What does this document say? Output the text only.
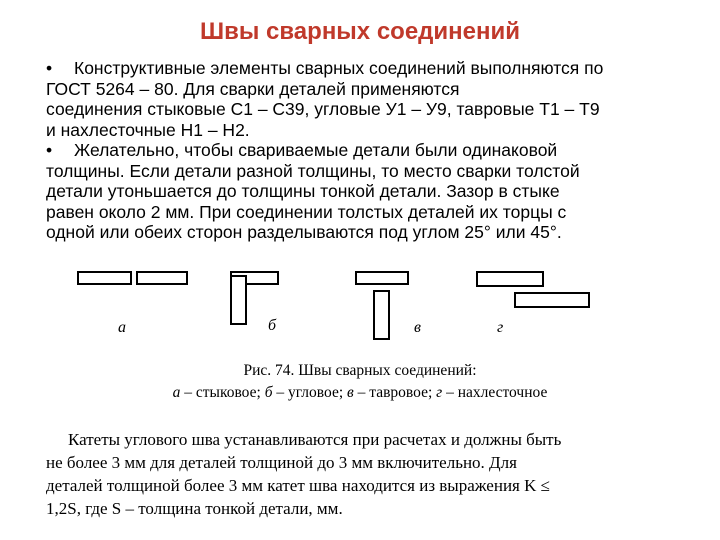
Швы сварных соединений

• Конструктивные элементы сварных соединений выполняются по
ГОСТ 5264 – 80. Для сварки деталей применяются
соединения стыковые С1 – С39, угловые У1 – У9, тавровые Т1 – Т9
и нахлесточные Н1 – Н2.

• Желательно, чтобы свариваемые детали были одинаковой
толщины. Если детали разной толщины, то место сварки толстой
детали утоньшается до толщины тонкой детали. Зазор в стыке
равен около 2 мм. При соединении толстых деталей их торцы с
одной или обеих сторон разделываются под углом 25° или 45°.

а	б	в	г
Рис. 74. Швы сварных соединений:
а – стыковое; б – угловое; в – тавровое; г – нахлесточное
Катеты углового шва устанавливаются при расчетах и должны быть
не более 3 мм для деталей толщиной до 3 мм включительно. Для
деталей толщиной более 3 мм катет шва находится из выражения K ≤
1,2S, где S – толщина тонкой детали, мм.
